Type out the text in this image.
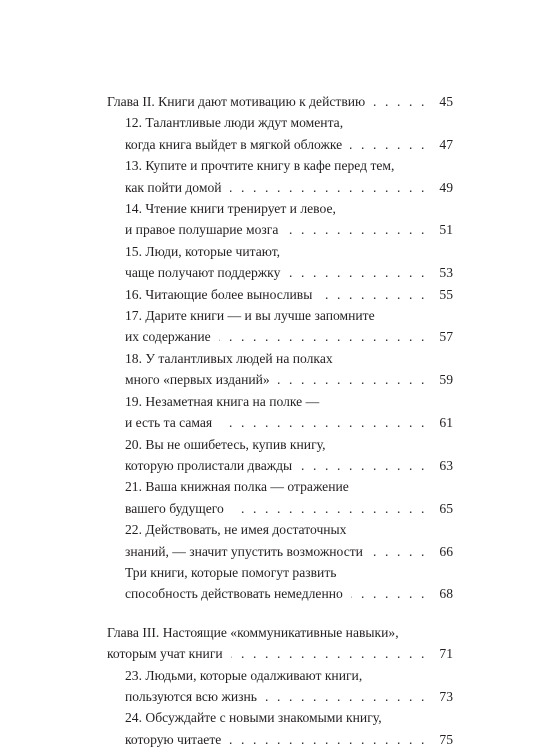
Глава II. Книги дают мотивацию к действию . . .	45
12. Талантливые люди ждут момента,
когда книга выйдет в мягкой обложке . . .	47
13. Купите и прочтите книгу в кафе перед тем,
как пойти домой . . .	49
14. Чтение книги тренирует и левое,
и правое полушарие мозга . . .	51
15. Люди, которые читают,
чаще получают поддержку . . .	53
16. Читающие более выносливы . . .	55
17. Дарите книги — и вы лучше запомните
их содержание . . .	57
18. У талантливых людей на полках
много «первых изданий» . . .	59
19. Незаметная книга на полке —
и есть та самая . . .	61
20. Вы не ошибетесь, купив книгу,
которую пролистали дважды . . .	63
21. Ваша книжная полка — отражение
вашего будущего . . .	65
22. Действовать, не имея достаточных
знаний, — значит упустить возможности . . .	66
Три книги, которые помогут развить
способность действовать немедленно . . .	68
Глава III. Настоящие «коммуникативные навыки»,
которым учат книги . . .	71
23. Людьми, которые одалживают книги,
пользуются всю жизнь . . .	73
24. Обсуждайте с новыми знакомыми книгу,
которую читаете . . .	75
